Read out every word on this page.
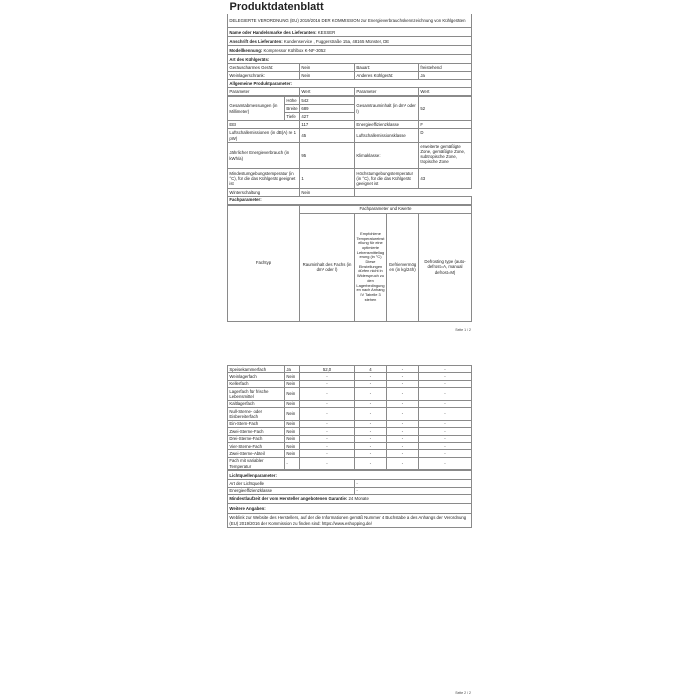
Produktdatenblatt			
DELEGIERTE VERORDNUNG (EU) 2019/2016 DER KOMMISSION zur Energieverbrauchskennzeichnung von Kühlgeräten			
Name oder Handelsmarke des Lieferanten: KESSER			
Anschrift des Lieferanten: Kundenservice , Fuggerstraße 15a, 48165 Münster, DE			
Modellkennung: Kompressor Kühlbox K-NF-3052			
Art des Kühlgeräts:			
Geräuscharmes Gerät:	Nein	Bauart:	freistehend
Weinlagerschrank:	Nein	Anderes Kühlgerät:	Ja
Allgemeine Produktparameter:			
Parameter	Wert	Parameter	Wert
Gesamtabmessungen (in Millimeter)	Höhe	542	Gesamtrauminhalt (in dm³ oder l)	52
	Breite	689		
	Tiefe	427		
EEI		117	Energieeffizienzklasse	F
Luftschallemissionen (in dB(A) re 1 pW)		45	Luftschallemissionsklasse	D
Jährlicher Energieverbrauch (in kWh/a)		95	Klimaklasse:	erweiterte gemäßigte Zone, gemäßigte Zone, subtropische Zone, tropische Zone
Mindestumgebungstemperatur (in °C), für die das Kühlgerät geeignet ist		1	Höchstumgebungstemperatur (in °C), für die das Kühlgerät geeignet ist	43
Winterschaltung		Nein		
Fachparameter:				
Fachtyp	Fachparameter und Kwerte			
	Rauminhalt des Fachs (in dm³ oder l)	Empfohlene Temperatureinstellung für eine optimierte Lebensmittellagerung (in °C) Diese Einstellungen dürfen nicht in Widerspruch zu den Lagerbedingungen nach Anhang IV Tabelle 3 stehen	Gefriervermögen (in kg/24h)	Defrosting type (auto-defrost=A, manual defrost=M)
Seite 1 / 2
Speisekammerfach	Ja	52,0	4	-	-
Weinlagerfach	Nein	-	-	-	-
Kellerfach	Nein	-	-	-	-
Lagerfach für frische Lebensmittel	Nein	-	-	-	-
Kaltlagerfach	Nein	-	-	-	-
Null-Sterne- oder Eisbereiterfach	Nein	-	-	-	-
Ein-Stern-Fach	Nein	-	-	-	-
Zwei-Sterne-Fach	Nein	-	-	-	-
Drei-Sterne-Fach	Nein	-	-	-	-
Vier-Sterne-Fach	Nein	-	-	-	-
Zwei-Sterne-Abteil	Nein	-	-	-	-
Fach mit variabler Temperatur	-	-	-	-	-
Lichtquellenparameter:	
Art der Lichtquelle	-
Energieeffizienzklasse	-
Mindestlaufzeit der vom Hersteller angebotenen Garantie: 24 Monate	
Weitere Angaben:	
Weblink zur Website des Herstellers, auf der die Informationen gemäß Nummer 4 Buchstabe a des Anhangs der Verordnung (EU) 2019/2016 der Kommission zu finden sind: https://www.eshopping.de/	
Seite 2 / 2
